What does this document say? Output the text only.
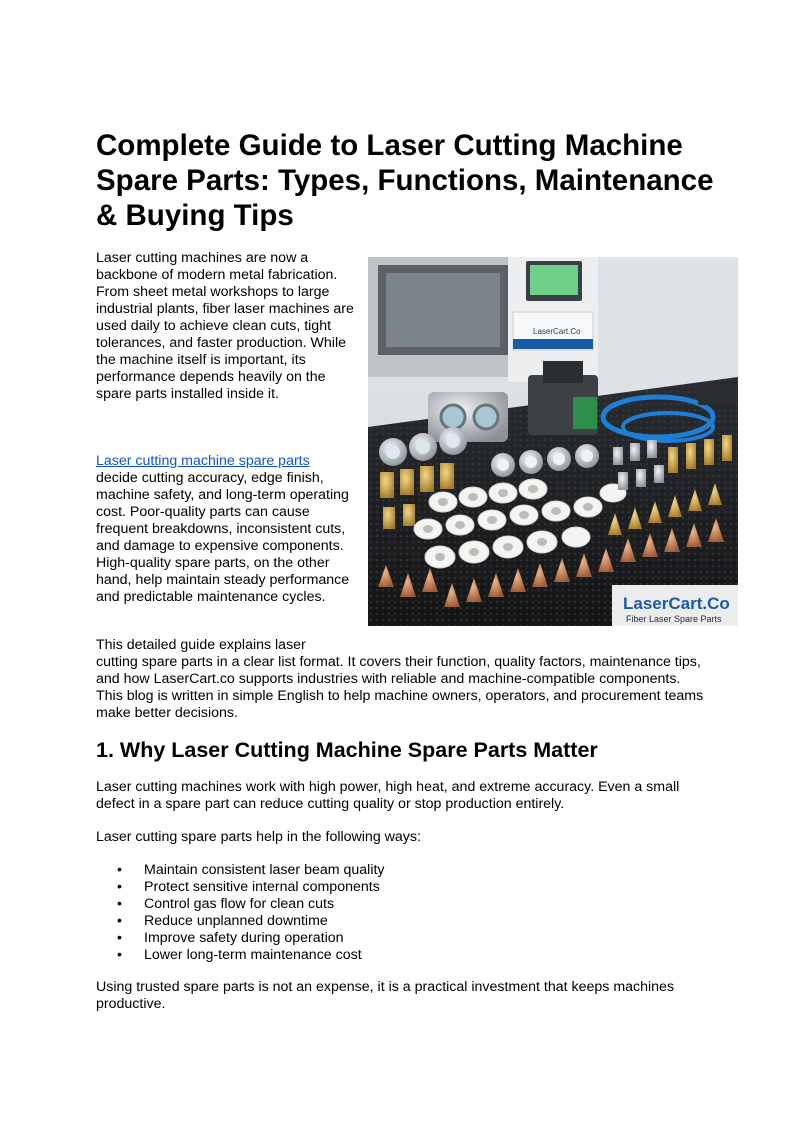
Complete Guide to Laser Cutting Machine Spare Parts: Types, Functions, Maintenance & Buying Tips

Laser cutting machines are now a backbone of modern metal fabrication. From sheet metal workshops to large industrial plants, fiber laser machines are used daily to achieve clean cuts, tight tolerances, and faster production. While the machine itself is important, its performance depends heavily on the spare parts installed inside it.

Laser cutting machine spare parts
decide cutting accuracy, edge finish, machine safety, and long-term operating cost. Poor-quality parts can cause frequent breakdowns, inconsistent cuts, and damage to expensive components. High-quality spare parts, on the other hand, help maintain steady performance and predictable maintenance cycles.

This detailed guide explains laser
cutting spare parts in a clear list format. It covers their function, quality factors, maintenance tips, and how LaserCart.co supports industries with reliable and machine-compatible components. This blog is written in simple English to help machine owners, operators, and procurement teams make better decisions.

LaserCart.Co
LaserCart.Co
Fiber Laser Spare Parts
1. Why Laser Cutting Machine Spare Parts Matter

Laser cutting machines work with high power, high heat, and extreme accuracy. Even a small defect in a spare part can reduce cutting quality or stop production entirely.

Laser cutting spare parts help in the following ways:

• Maintain consistent laser beam quality
• Protect sensitive internal components
• Control gas flow for clean cuts
• Reduce unplanned downtime
• Improve safety during operation
• Lower long-term maintenance cost

Using trusted spare parts is not an expense, it is a practical investment that keeps machines productive.
